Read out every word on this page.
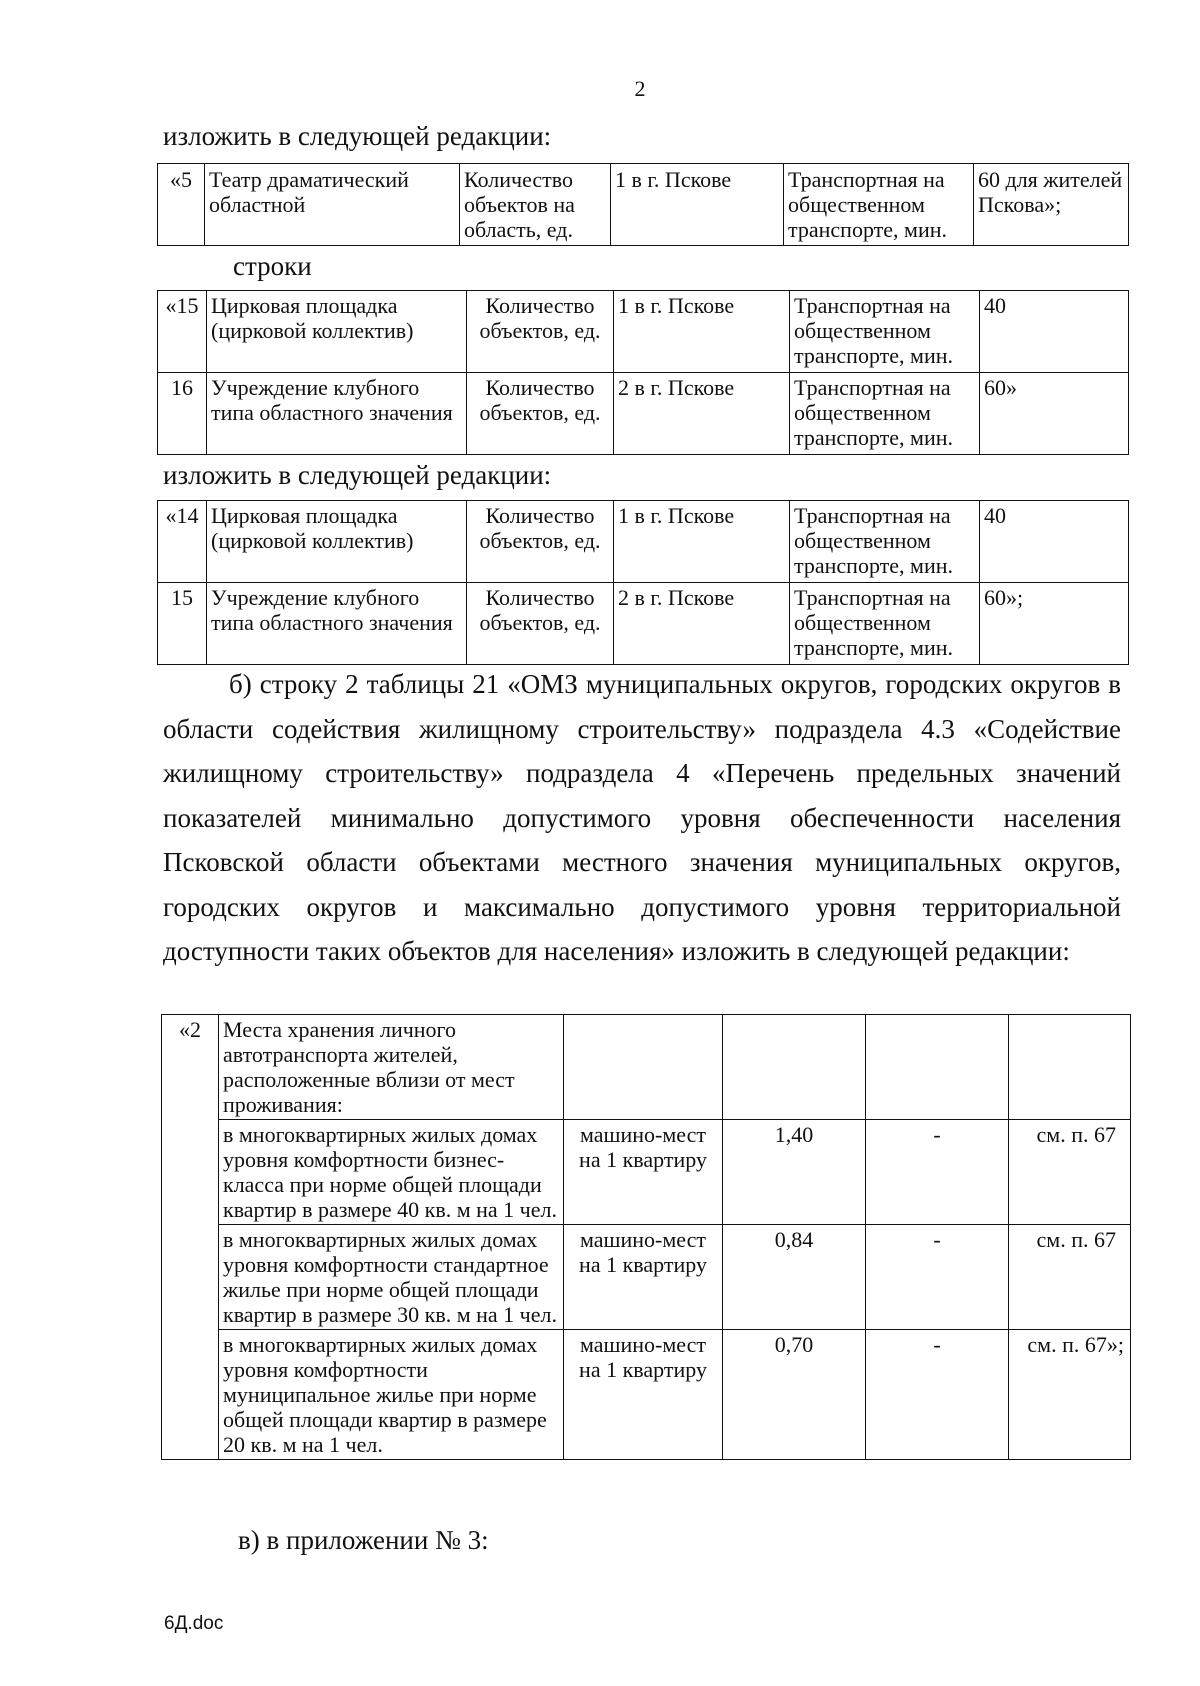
2

изложить в следующей редакции:

«5	Театр драматический областной	Количество объектов на область, ед.	1 в г. Пскове	Транспортная на общественном транспорте, мин.	60 для жителей Пскова»;

строки

«15	Цирковая площадка (цирковой коллектив)	Количество объектов, ед.	1 в г. Пскове	Транспортная на общественном транспорте, мин.	40
16	Учреждение клубного типа областного значения	Количество объектов, ед.	2 в г. Пскове	Транспортная на общественном транспорте, мин.	60»

изложить в следующей редакции:

«14	Цирковая площадка (цирковой коллектив)	Количество объектов, ед.	1 в г. Пскове	Транспортная на общественном транспорте, мин.	40
15	Учреждение клубного типа областного значения	Количество объектов, ед.	2 в г. Пскове	Транспортная на общественном транспорте, мин.	60»;

б) строку 2 таблицы 21 «ОМЗ муниципальных округов, городских округов в области содействия жилищному строительству» подраздела 4.3 «Содействие жилищному строительству» подраздела 4 «Перечень предельных значений показателей минимально допустимого уровня обеспеченности населения Псковской области объектами местного значения муниципальных округов, городских округов и максимально допустимого уровня территориальной доступности таких объектов для населения» изложить в следующей редакции:

«2	Места хранения личного автотранспорта жителей, расположенные вблизи от мест проживания:				
	в многоквартирных жилых домах уровня комфортности бизнес-класса при норме общей площади квартир в размере 40 кв. м на 1 чел.	машино-мест на 1 квартиру	1,40	-	см. п. 67
	в многоквартирных жилых домах уровня комфортности стандартное жилье при норме общей площади квартир в размере 30 кв. м на 1 чел.	машино-мест на 1 квартиру	0,84	-	см. п. 67
	в многоквартирных жилых домах уровня комфортности муниципальное жилье при норме общей площади квартир в размере 20 кв. м на 1 чел.	машино-мест на 1 квартиру	0,70	-	см. п. 67»;

в) в приложении № 3:

6Д.doc
